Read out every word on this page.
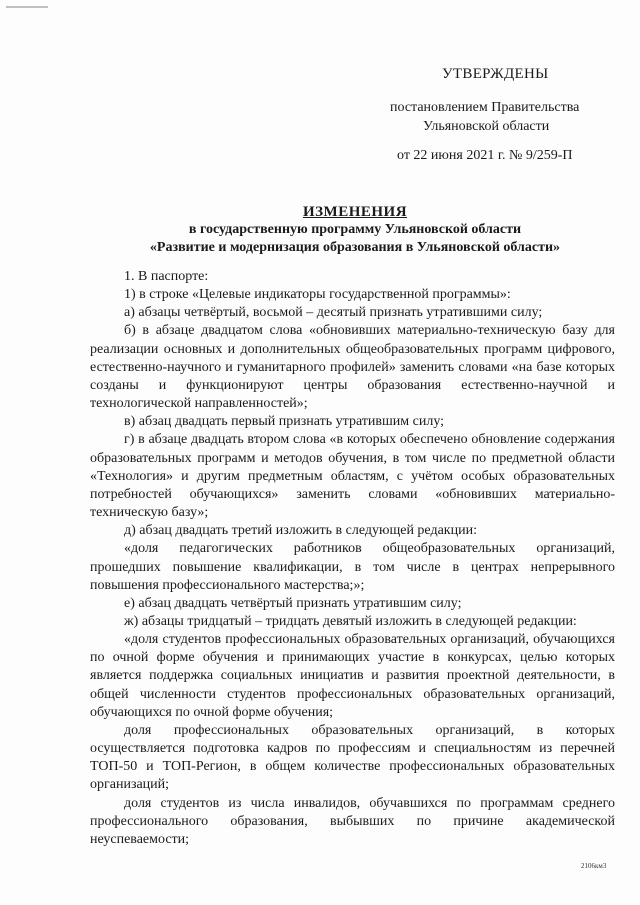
УТВЕРЖДЕНЫ
постановлением Правительства
Ульяновской области
от 22 июня 2021 г. № 9/259-П
ИЗМЕНЕНИЯ
в государственную программу Ульяновской области
«Развитие и модернизация образования в Ульяновской области»

1. В паспорте:

1) в строке «Целевые индикаторы государственной программы»:

а) абзацы четвёртый, восьмой – десятый признать утратившими силу;

б) в абзаце двадцатом слова «обновивших материально-техническую базу для реализации основных и дополнительных общеобразовательных программ цифрового, естественно-научного и гуманитарного профилей» заменить словами «на базе которых созданы и функционируют центры образования естественно-научной и технологической направленностей»;

в) абзац двадцать первый признать утратившим силу;

г) в абзаце двадцать втором слова «в которых обеспечено обновление содержания образовательных программ и методов обучения, в том числе по предметной области «Технология» и другим предметным областям, с учётом особых образовательных потребностей обучающихся» заменить словами «обновивших материально-техническую базу»;

д) абзац двадцать третий изложить в следующей редакции:

«доля педагогических работников общеобразовательных организаций, прошедших повышение квалификации, в том числе в центрах непрерывного повышения профессионального мастерства;»;

е) абзац двадцать четвёртый признать утратившим силу;

ж) абзацы тридцатый – тридцать девятый изложить в следующей редакции:

«доля студентов профессиональных образовательных организаций, обучающихся по очной форме обучения и принимающих участие в конкурсах, целью которых является поддержка социальных инициатив и развития проектной деятельности, в общей численности студентов профессиональных образовательных организаций, обучающихся по очной форме обучения;

доля профессиональных образовательных организаций, в которых осуществляется подготовка кадров по профессиям и специальностям из перечней ТОП-50 и ТОП-Регион, в общем количестве профессиональных образовательных организаций;

доля студентов из числа инвалидов, обучавшихся по программам среднего профессионального образования, выбывших по причине академической неуспеваемости;

2106км3
